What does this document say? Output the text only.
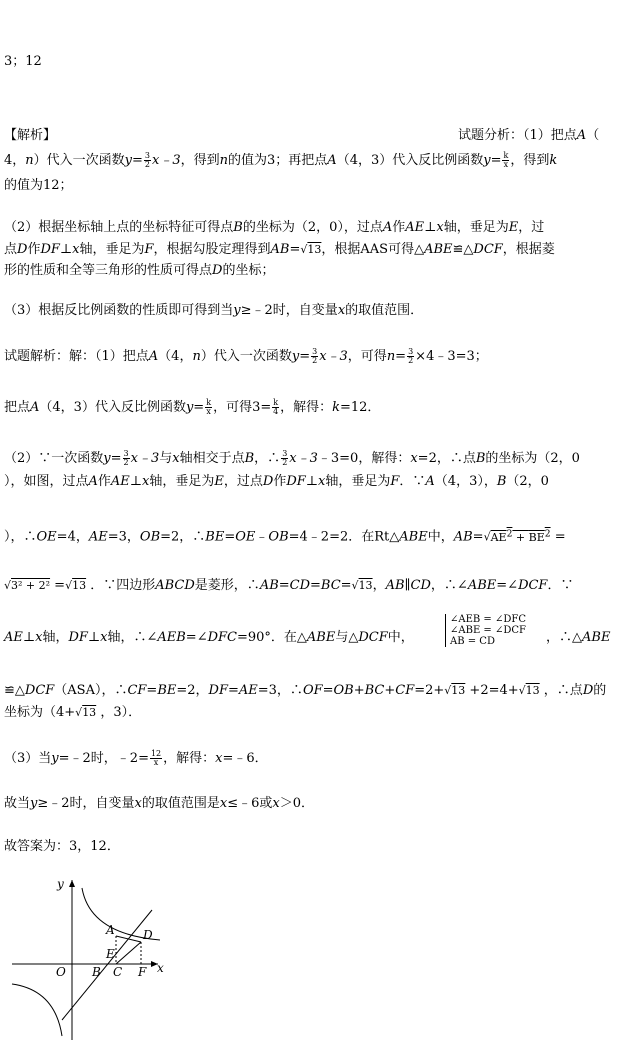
3；12
【解析】	试题分析：（1）把点A（
4，n）代入一次函数$y= \frac{3}{2}$ x﹣3，得到n的值为3；再把点A（4，3）代入反比例函数$y= \frac{k}{x}$ ，得到k
的值为12；
（2）根据坐标轴上点的坐标特征可得点B的坐标为（2，0），过点A作AE⊥x轴，垂足为E，过
点D作DF⊥x轴，垂足为F，根据勾股定理得到AB=√13，根据AAS可得△ABE≌△DCF，根据菱
形的性质和全等三角形的性质可得点D的坐标；
（3）根据反比例函数的性质即可得到当y≥﹣2时，自变量x的取值范围．
试题解析：解：（1）把点A（4，n）代入一次函数$y= \frac{3}{2}$ x﹣3，可得$n= \frac{3}{2}$ ×4﹣3=3；
把点A（4，3）代入反比例函数$y= \frac{k}{x}$ ，可得$3= \frac{k}{4}$ ，解得：k=12．
（2）∵一次函数$y= \frac{3}{2}$ x﹣3与x轴相交于点B，∴ $\frac{3}{2}$ x﹣3﹣3=0，解得：x=2，∴点B的坐标为（2，0
），如图，过点A作AE⊥x轴，垂足为E，过点D作DF⊥x轴，垂足为F．∵A（4，3），B（2，0
），∴OE=4，AE=3，OB=2，∴BE=OE﹣OB=4﹣2=2．在Rt△ABE中，$AB=√AE^2 + BE^2$ =
√3² + 2² =√13 ．∵四边形ABCD是菱形，∴AB=CD=BC=√13，AB∥CD，∴∠ABE=∠DCF．∵
AE⊥x轴，DF⊥x轴，∴∠AEB=∠DFC=90°．在△ABE与△DCF中，
∠AEB = ∠DFC
∠ABE = ∠DCF
AB = CD	，∴△ABE
≌△DCF（ASA），∴CF=BE=2，DF=AE=3，∴OF=OB+BC+CF=2+√13 +2=4+√13 ，∴点D的
坐标为（4+√13 ，3）．
（3）当y=﹣2时，﹣2= $\frac{12}{x}$ ，解得：x=﹣6．
故当y≥﹣2时，自变量x的取值范围是x≤﹣6或x＞0．
故答案为：3，12．
y
x
O
A D
E
B C F
